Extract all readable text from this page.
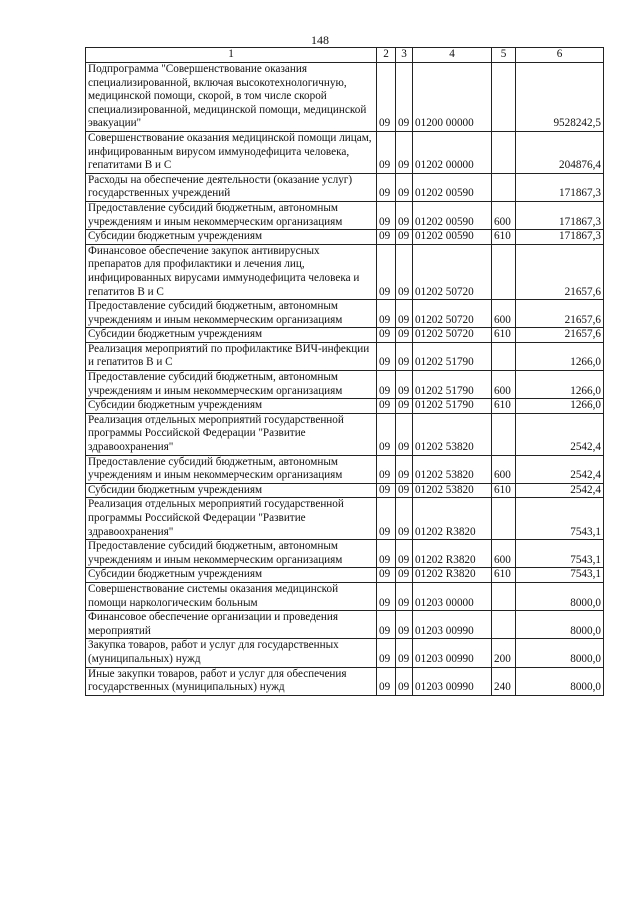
148
1	2	3	4	5	6
Подпрограмма "Совершенствование оказания специализированной, включая высокотехнологичную, медицинской помощи, скорой, в том числе скорой специализированной, медицинской помощи, медицинской эвакуации"	09	09	01200 00000		9528242,5
Совершенствование оказания медицинской помощи лицам, инфицированным вирусом иммунодефицита человека, гепатитами В и С	09	09	01202 00000		204876,4
Расходы на обеспечение деятельности (оказание услуг) государственных учреждений	09	09	01202 00590		171867,3
Предоставление субсидий бюджетным, автономным учреждениям и иным некоммерческим организациям	09	09	01202 00590	600	171867,3
Субсидии бюджетным учреждениям	09	09	01202 00590	610	171867,3
Финансовое обеспечение закупок антивирусных препаратов для профилактики и лечения лиц, инфицированных вирусами иммунодефицита человека и гепатитов В и С	09	09	01202 50720		21657,6
Предоставление субсидий бюджетным, автономным учреждениям и иным некоммерческим организациям	09	09	01202 50720	600	21657,6
Субсидии бюджетным учреждениям	09	09	01202 50720	610	21657,6
Реализация мероприятий по профилактике ВИЧ-инфекции и гепатитов В и С	09	09	01202 51790		1266,0
Предоставление субсидий бюджетным, автономным учреждениям и иным некоммерческим организациям	09	09	01202 51790	600	1266,0
Субсидии бюджетным учреждениям	09	09	01202 51790	610	1266,0
Реализация отдельных мероприятий государственной программы Российской Федерации "Развитие здравоохранения"	09	09	01202 53820		2542,4
Предоставление субсидий бюджетным, автономным учреждениям и иным некоммерческим организациям	09	09	01202 53820	600	2542,4
Субсидии бюджетным учреждениям	09	09	01202 53820	610	2542,4
Реализация отдельных мероприятий государственной программы Российской Федерации "Развитие здравоохранения"	09	09	01202 R3820		7543,1
Предоставление субсидий бюджетным, автономным учреждениям и иным некоммерческим организациям	09	09	01202 R3820	600	7543,1
Субсидии бюджетным учреждениям	09	09	01202 R3820	610	7543,1
Совершенствование системы оказания медицинской помощи наркологическим больным	09	09	01203 00000		8000,0
Финансовое обеспечение организации и проведения мероприятий	09	09	01203 00990		8000,0
Закупка товаров, работ и услуг для государственных (муниципальных) нужд	09	09	01203 00990	200	8000,0
Иные закупки товаров, работ и услуг для обеспечения государственных (муниципальных) нужд	09	09	01203 00990	240	8000,0
